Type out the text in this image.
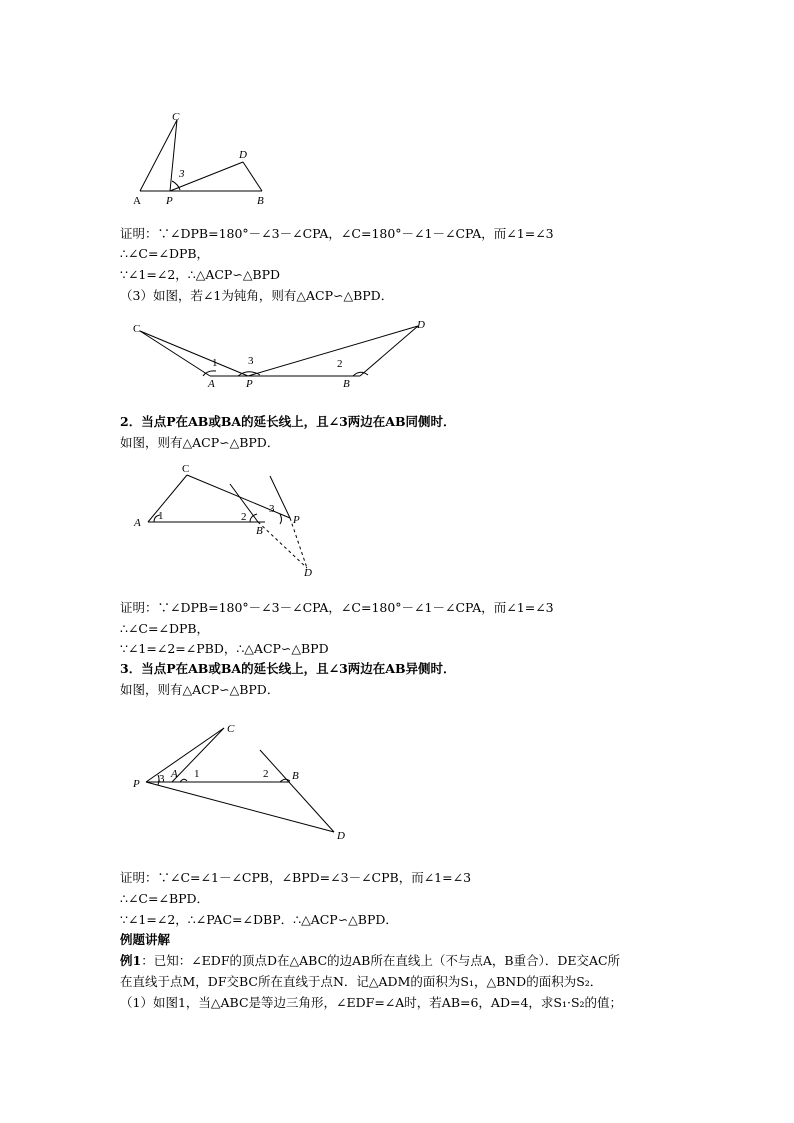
C
D
A P	B
3
证明：∵∠DPB=180°－∠3－∠CPA，∠C=180°－∠1－∠CPA，而∠1=∠3
∴∠C=∠DPB，
∵∠1=∠2，∴△ACP∽△BPD
（3）如图，若∠1为钝角，则有△ACP∽△BPD．
C	D
A	P	B
1	2
3
2．当点P在AB或BA的延长线上，且∠3两边在AB同侧时．
如图，则有△ACP∽△BPD．
C
D
A	P
B
1	2
3
证明：∵∠DPB=180°－∠3－∠CPA，∠C=180°－∠1－∠CPA，而∠1=∠3
∴∠C=∠DPB，
∵∠1=∠2=∠PBD，∴△ACP∽△BPD
3．当点P在AB或BA的延长线上，且∠3两边在AB异侧时．
如图，则有△ACP∽△BPD．
C
D
A
P
B
1	2
3
证明：∵∠C=∠1－∠CPB，∠BPD=∠3－∠CPB，而∠1=∠3
∴∠C=∠BPD．
∵∠1=∠2，∴∠PAC=∠DBP．∴△ACP∽△BPD．
例题讲解
例1：已知：∠EDF的顶点D在△ABC的边AB所在直线上（不与点A，B重合）．DE交AC所
在直线于点M，DF交BC所在直线于点N．记△ADM的面积为S₁，△BND的面积为S₂．
（1）如图1，当△ABC是等边三角形，∠EDF=∠A时，若AB=6，AD=4，求S₁·S₂的值；
